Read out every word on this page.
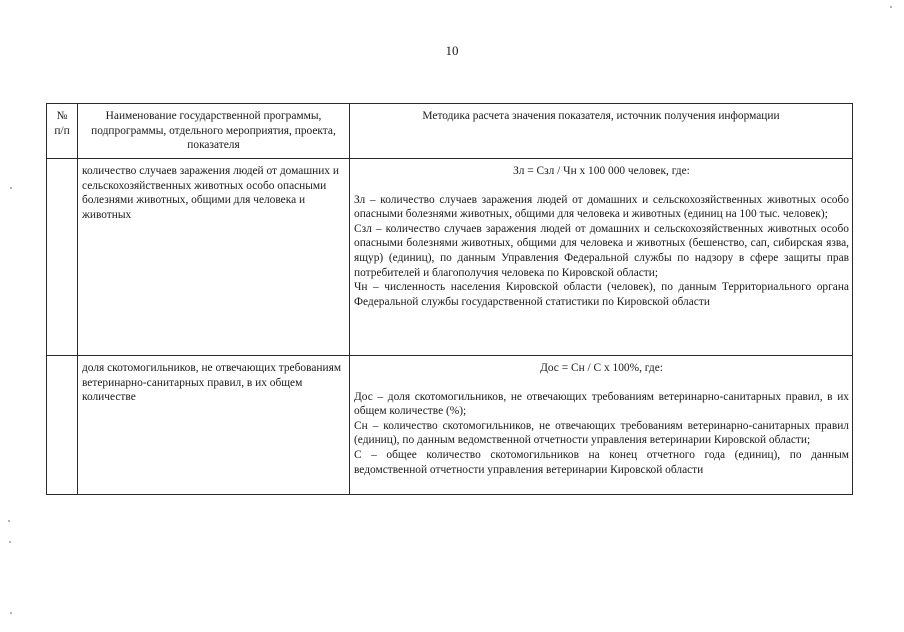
10
№ п/п	Наименование государственной программы, подпрограммы, отдельного мероприятия, проекта, показателя	Методика расчета значения показателя, источник получения информации

	количество случаев заражения людей от домашних и сельскохозяйственных животных особо опасными болезнями животных, общими для человека и животных	Зл = Сзл / Чн х 100 000 человек, где:
Зл – количество случаев заражения людей от домашних и сельскохозяйственных животных особо опасными болезнями животных, общими для человека и животных (единиц на 100 тыс. человек);
Сзл – количество случаев заражения людей от домашних и сельскохозяйственных животных особо опасными болезнями животных, общими для человека и животных (бешенство, сап, сибирская язва, ящур) (единиц), по данным Управления Федеральной службы по надзору в сфере защиты прав потребителей и благополучия человека по Кировской области;
Чн – численность населения Кировской области (человек), по данным Территориального органа Федеральной службы государственной статистики по Кировской области

	доля скотомогильников, не отвечающих требованиям ветеринарно-санитарных правил, в их общем количестве	Дос = Сн / С х 100%, где:
Дос – доля скотомогильников, не отвечающих требованиям ветеринарно-санитарных правил, в их общем количестве (%);
Сн – количество скотомогильников, не отвечающих требованиям ветеринарно-санитарных правил (единиц), по данным ведомственной отчетности управления ветеринарии Кировской области;
С – общее количество скотомогильников на конец отчетного года (единиц), по данным ведомственной отчетности управления ветеринарии Кировской области
